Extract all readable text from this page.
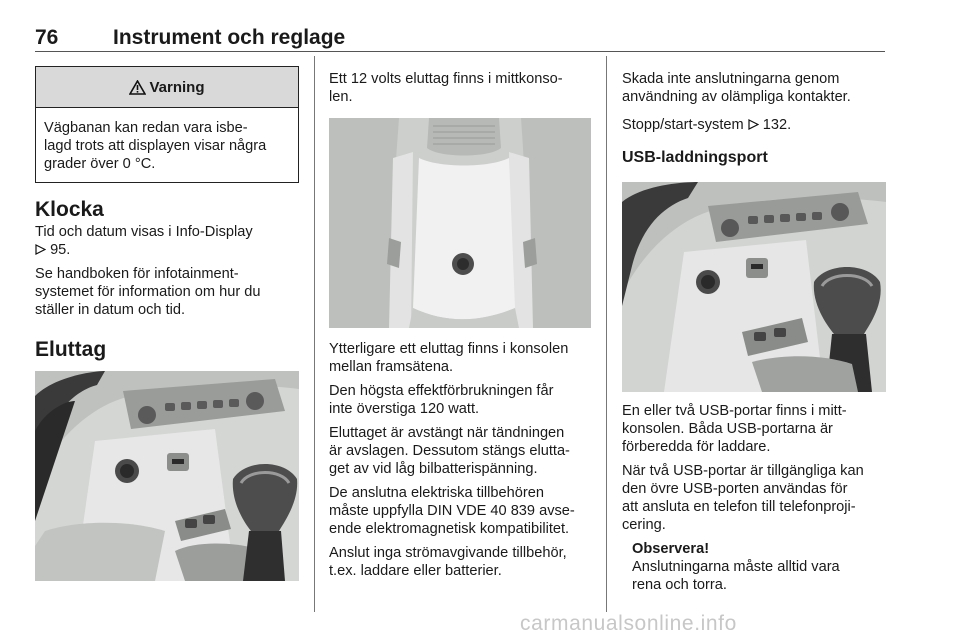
76	Instrument och reglage
Varning
Vägbanan kan redan vara isbe-
lagd trots att displayen visar några
grader över 0 °C.
Klocka

Tid och datum visas i Info-Display
95.

Se handboken för infotainment-
systemet för information om hur du
ställer in datum och tid.

Eluttag

Ett 12 volts eluttag finns i mittkonso-
len.

Ytterligare ett eluttag finns i konsolen
mellan framsätena.

Den högsta effektförbrukningen får
inte överstiga 120 watt.

Eluttaget är avstängt när tändningen
är avslagen. Dessutom stängs elutta-
get av vid låg bilbatterispänning.

De anslutna elektriska tillbehören
måste uppfylla DIN VDE 40 839 avse-
ende elektromagnetisk kompatibilitet.

Anslut inga strömavgivande tillbehör,
t.ex. laddare eller batterier.

Skada inte anslutningarna genom
användning av olämpliga kontakter.

Stopp/start-system 132.

USB-laddningsport

En eller två USB-portar finns i mitt-
konsolen. Båda USB-portarna är
förberedda för laddare.

När två USB-portar är tillgängliga kan
den övre USB-porten användas för
att ansluta en telefon till telefonproji-
cering.

Observera!

Anslutningarna måste alltid vara
rena och torra.

carmanualsonline.info
